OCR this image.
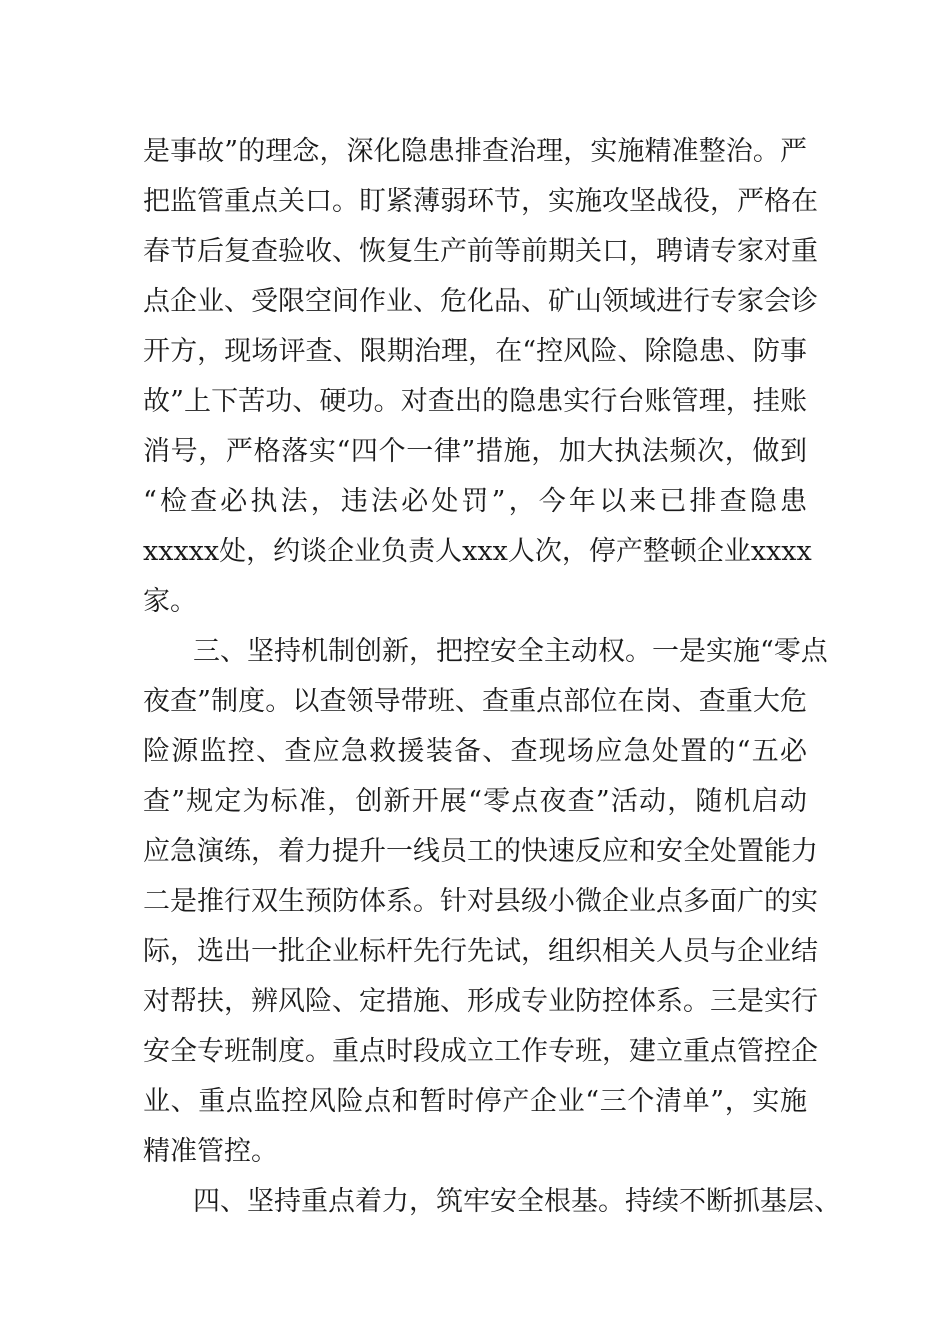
是事故”的理念，深化隐患排查治理，实施精准整治。严
把监管重点关口。盯紧薄弱环节，实施攻坚战役，严格在
春节后复查验收、恢复生产前等前期关口，聘请专家对重
点企业、受限空间作业、危化品、矿山领域进行专家会诊
开方，现场评查、限期治理，在“控风险、除隐患、防事
故”上下苦功、硬功。对查出的隐患实行台账管理，挂账
消号，严格落实“四个一律”措施，加大执法频次，做到
“检查必执法，违法必处罚”，今年以来已排查隐患
xxxxx处，约谈企业负责人xxx人次，停产整顿企业xxxx
家。
三、坚持机制创新，把控安全主动权。一是实施“零点
夜查”制度。以查领导带班、查重点部位在岗、查重大危
险源监控、查应急救援装备、查现场应急处置的“五必
查”规定为标准，创新开展“零点夜查”活动，随机启动
应急演练，着力提升一线员工的快速反应和安全处置能力
二是推行双生预防体系。针对县级小微企业点多面广的实
际，选出一批企业标杆先行先试，组织相关人员与企业结
对帮扶，辨风险、定措施、形成专业防控体系。三是实行
安全专班制度。重点时段成立工作专班，建立重点管控企
业、重点监控风险点和暂时停产企业“三个清单”，实施
精准管控。
四、坚持重点着力，筑牢安全根基。持续不断抓基层、
